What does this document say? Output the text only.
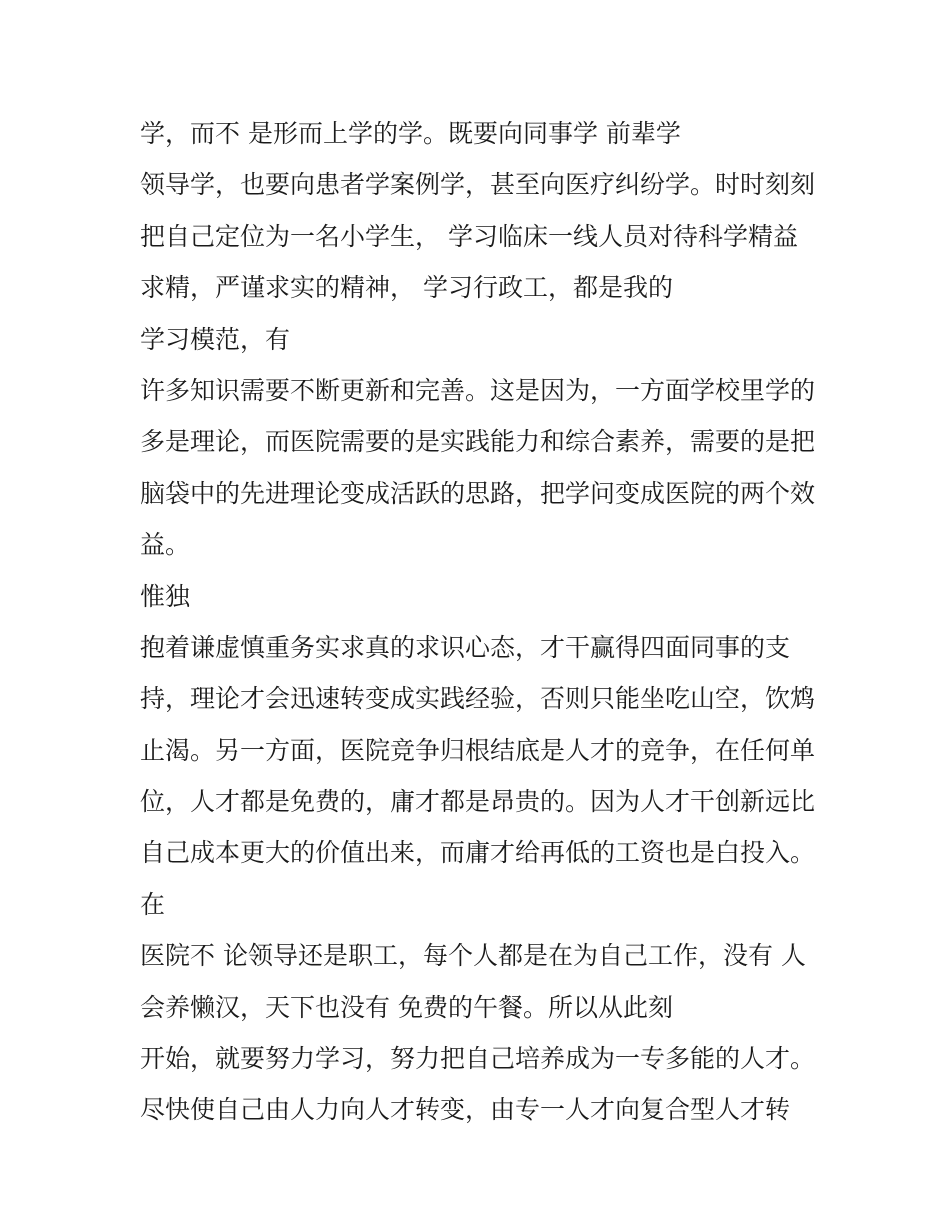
学，而不 是形而上学的学。既要向同事学 前辈学
领导学，也要向患者学案例学，甚至向医疗纠纷学。时时刻刻
把自己定位为一名小学生， 学习临床一线人员对待科学精益
求精，严谨求实的精神， 学习行政工，都是我的
学习模范，有
许多知识需要不断更新和完善。这是因为，一方面学校里学的
多是理论，而医院需要的是实践能力和综合素养，需要的是把
脑袋中的先进理论变成活跃的思路，把学问变成医院的两个效
益。
惟独
抱着谦虚慎重务实求真的求识心态，才干赢得四面同事的支
持，理论才会迅速转变成实践经验，否则只能坐吃山空，饮鸩
止渴。另一方面，医院竞争归根结底是人才的竞争，在任何单
位，人才都是免费的，庸才都是昂贵的。因为人才干创新远比
自己成本更大的价值出来，而庸才给再低的工资也是白投入。
在
医院不 论领导还是职工，每个人都是在为自己工作，没有 人
会养懒汉，天下也没有 免费的午餐。所以从此刻
开始，就要努力学习，努力把自己培养成为一专多能的人才。
尽快使自己由人力向人才转变，由专一人才向复合型人才转
